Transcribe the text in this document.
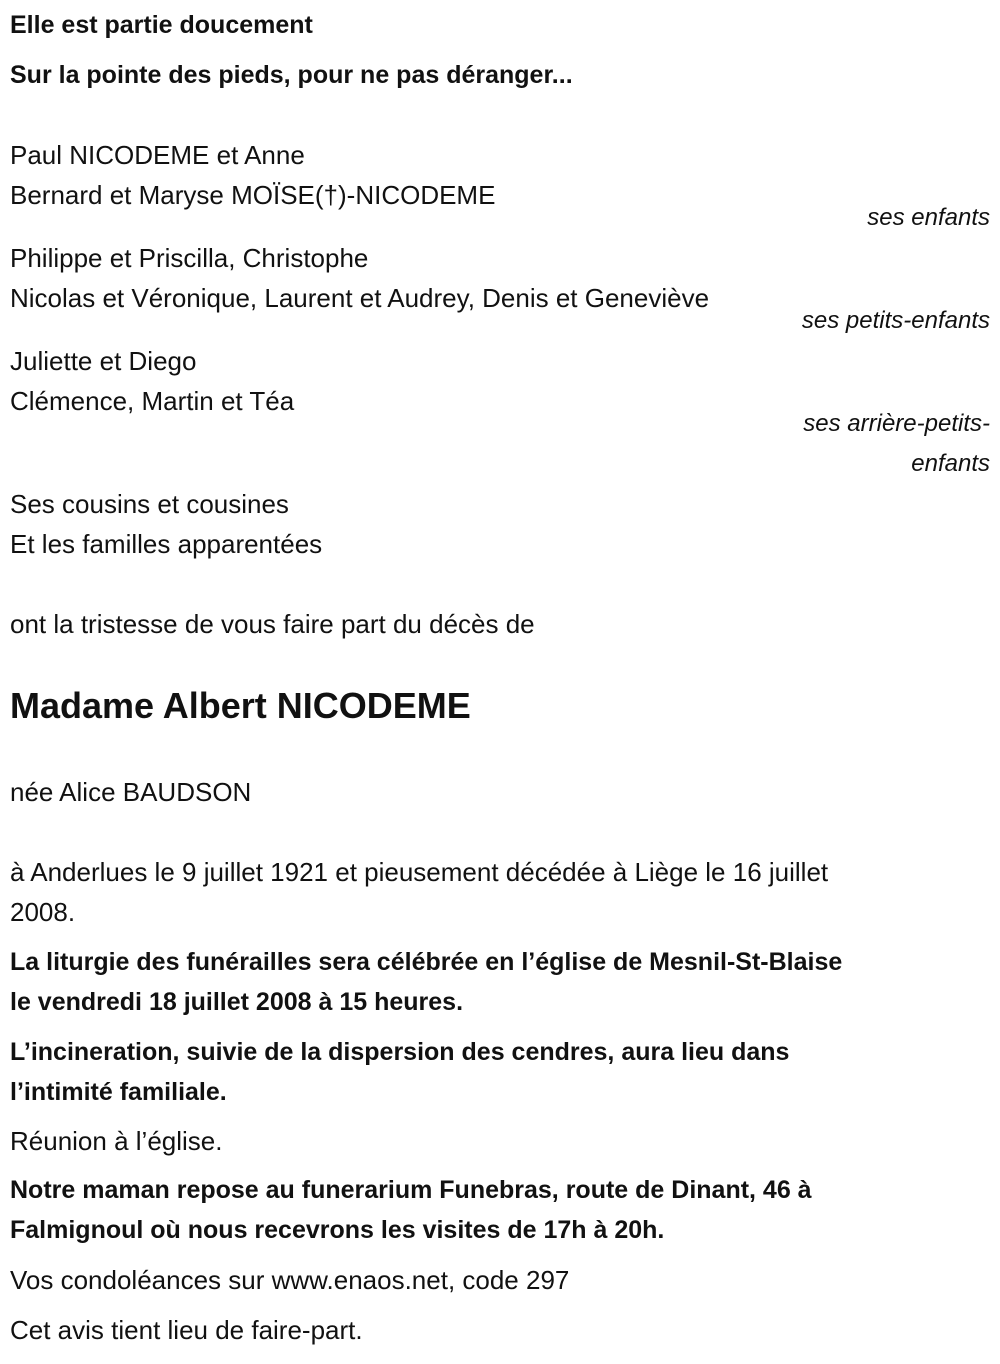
Elle est partie doucement
Sur la pointe des pieds, pour ne pas déranger...
Paul NICODEME et Anne
Bernard et Maryse MOÏSE(†)-NICODEME
ses enfants
Philippe et Priscilla, Christophe
Nicolas et Véronique, Laurent et Audrey, Denis et Geneviève
ses petits-enfants
Juliette et Diego
Clémence, Martin et Téa
ses arrière-petits-
enfants
Ses cousins et cousines
Et les familles apparentées
ont la tristesse de vous faire part du décès de
Madame Albert NICODEME
née Alice BAUDSON
à Anderlues le 9 juillet 1921 et pieusement décédée à Liège le 16 juillet
2008.
La liturgie des funérailles sera célébrée en l’église de Mesnil-St-Blaise
le vendredi 18 juillet 2008 à 15 heures.
L’incineration, suivie de la dispersion des cendres, aura lieu dans
l’intimité familiale.
Réunion à l’église.
Notre maman repose au funerarium Funebras, route de Dinant, 46 à
Falmignoul où nous recevrons les visites de 17h à 20h.
Vos condoléances sur www.enaos.net, code 297
Cet avis tient lieu de faire-part.
